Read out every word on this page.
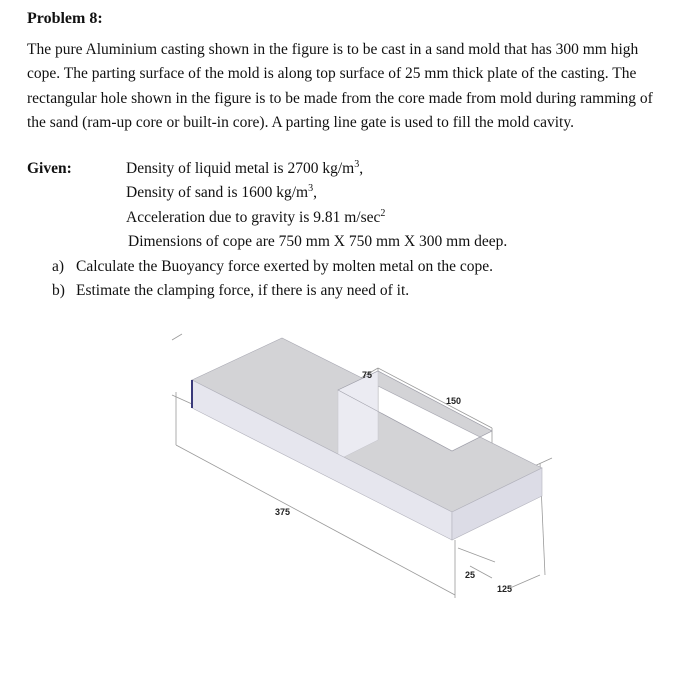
Problem 8:
The pure Aluminium casting shown in the figure is to be cast in a sand mold that has 300 mm high cope. The parting surface of the mold is along top surface of 25 mm thick plate of the casting. The rectangular hole shown in the figure is to be made from the core made from mold during ramming of the sand (ram-up core or built-in core). A parting line gate is used to fill the mold cavity.
Given:	Density of liquid metal is 2700 $kg/m^3$,
Density of sand is 1600 $kg/m^3$,
Acceleration due to gravity is 9.81 $m/\sec^2$
Dimensions of cope are 750 mm X 750 mm X 300 mm deep.
a) Calculate the Buoyancy force exerted by molten metal on the cope.
b) Estimate the clamping force, if there is any need of it.
75
150
375
25
125
